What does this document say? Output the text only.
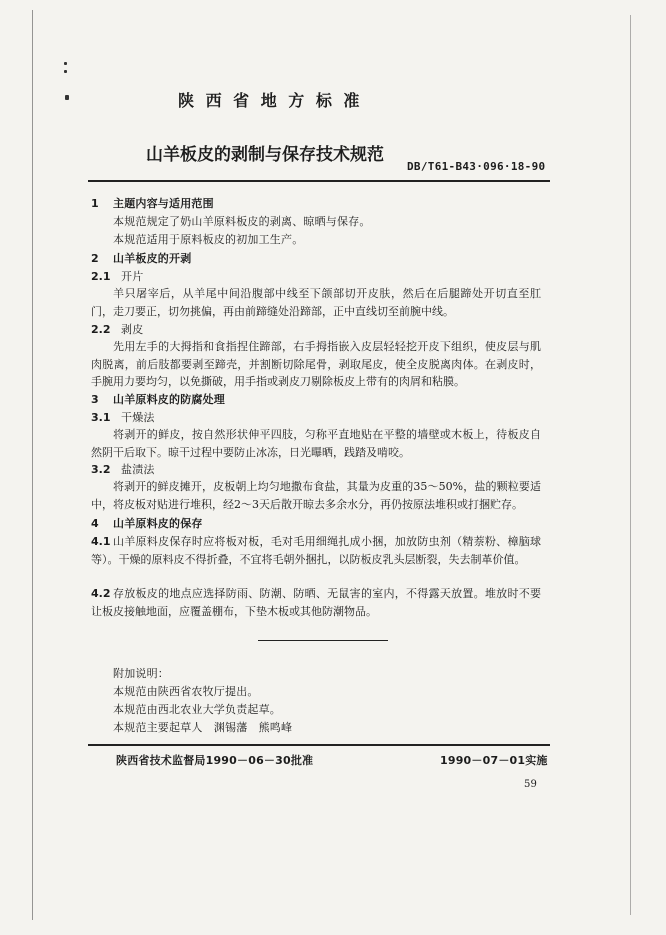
陕 西 省 地 方 标 准
山羊板皮的剥制与保存技术规范
DB/T61-B43·096·18-90
1 主题内容与适用范围
本规范规定了奶山羊原料板皮的剥离、晾晒与保存。
本规范适用于原料板皮的初加工生产。
2 山羊板皮的开剥
2.1 开片
羊只屠宰后，从羊尾中间沿腹部中线至下颌部切开皮肤，然后在后腿蹄处开切直至肛门，走刀要正，切勿挑偏，再由前蹄缝处沿蹄部，正中直线切至前腕中线。
2.2 剥皮
先用左手的大拇指和食指捏住蹄部，右手拇指嵌入皮层轻轻挖开皮下组织，使皮层与肌肉脱离，前后肢都要剥至蹄壳，并割断切除尾骨，剥取尾皮，使全皮脱离肉体。在剥皮时，手腕用力要均匀，以免撕破，用手指或剥皮刀剔除板皮上带有的肉屑和粘膜。
3 山羊原料皮的防腐处理
3.1 干燥法
将剥开的鲜皮，按自然形状伸平四肢，匀称平直地贴在平整的墙壁或木板上，待板皮自然阴干后取下。晾干过程中要防止冰冻，日光曝晒，践踏及啃咬。
3.2 盐渍法
将剥开的鲜皮摊开，皮板朝上均匀地撒布食盐，其量为皮重的35～50%，盐的颗粒要适中，将皮板对贴进行堆积，经2～3天后散开晾去多余水分，再仍按原法堆积或打捆贮存。
4 山羊原料皮的保存
4.1 山羊原料皮保存时应将板对板，毛对毛用细绳扎成小捆，加放防虫剂（精萘粉、樟脑球等）。干燥的原料皮不得折叠，不宜将毛朝外捆扎，以防板皮乳头层断裂，失去制革价值。
4.2 存放板皮的地点应选择防雨、防潮、防晒、无鼠害的室内，不得露天放置。堆放时不要让板皮接触地面，应覆盖棚布，下垫木板或其他防潮物品。
附加说明：
本规范由陕西省农牧厅提出。
本规范由西北农业大学负责起草。
本规范主要起草人　渊锡藩　熊鸣峰
陕西省技术监督局1990－06－30批准	1990－07－01实施
59
